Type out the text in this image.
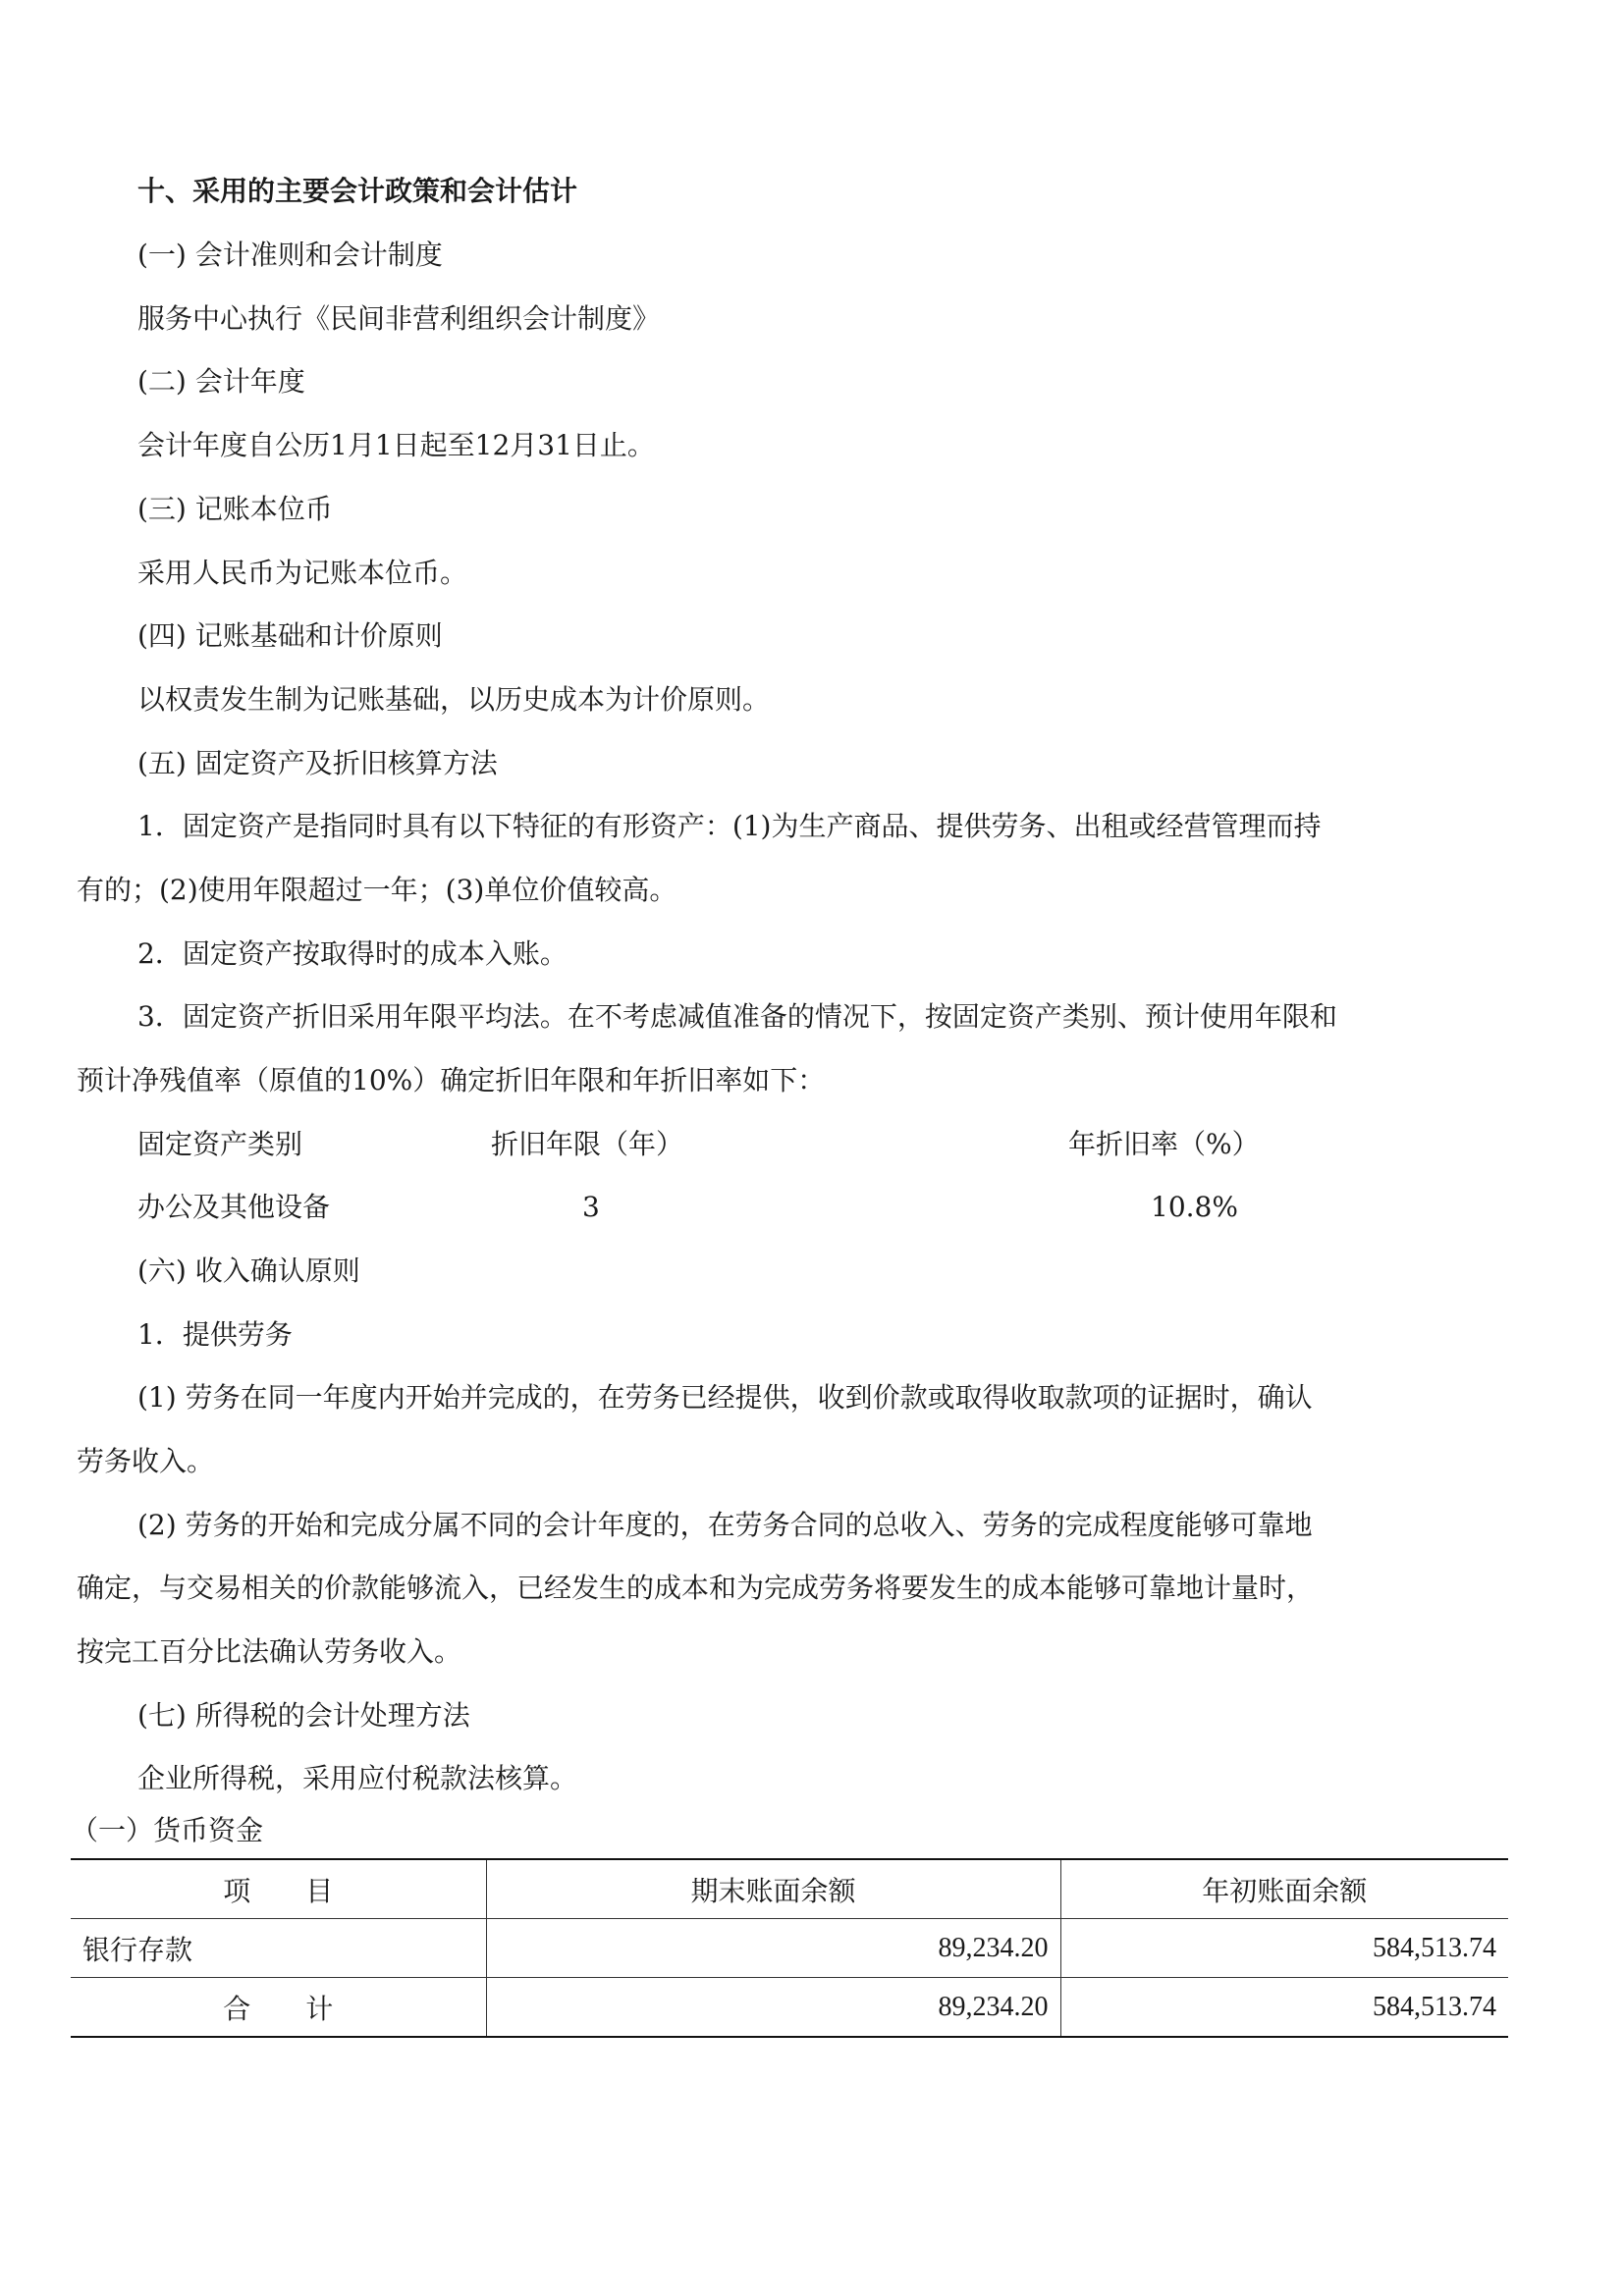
十、采用的主要会计政策和会计估计
(一) 会计准则和会计制度
服务中心执行《民间非营利组织会计制度》
(二) 会计年度
会计年度自公历1月1日起至12月31日止。
(三) 记账本位币
采用人民币为记账本位币。
(四) 记账基础和计价原则
以权责发生制为记账基础，以历史成本为计价原则。
(五) 固定资产及折旧核算方法
1．固定资产是指同时具有以下特征的有形资产：(1)为生产商品、提供劳务、出租或经营管理而持
有的；(2)使用年限超过一年；(3)单位价值较高。
2．固定资产按取得时的成本入账。
3．固定资产折旧采用年限平均法。在不考虑减值准备的情况下，按固定资产类别、预计使用年限和
预计净残值率（原值的10%）确定折旧年限和年折旧率如下：
固定资产类别	折旧年限（年）	年折旧率（%）
办公及其他设备	3	10.8%
(六) 收入确认原则
1．提供劳务
(1) 劳务在同一年度内开始并完成的，在劳务已经提供，收到价款或取得收取款项的证据时，确认
劳务收入。
(2) 劳务的开始和完成分属不同的会计年度的，在劳务合同的总收入、劳务的完成程度能够可靠地
确定，与交易相关的价款能够流入，已经发生的成本和为完成劳务将要发生的成本能够可靠地计量时，
按完工百分比法确认劳务收入。
(七) 所得税的会计处理方法
企业所得税，采用应付税款法核算。
（一）货币资金
项　　目	期末账面余额	年初账面余额
银行存款	89,234.20	584,513.74
合　　计	89,234.20	584,513.74
